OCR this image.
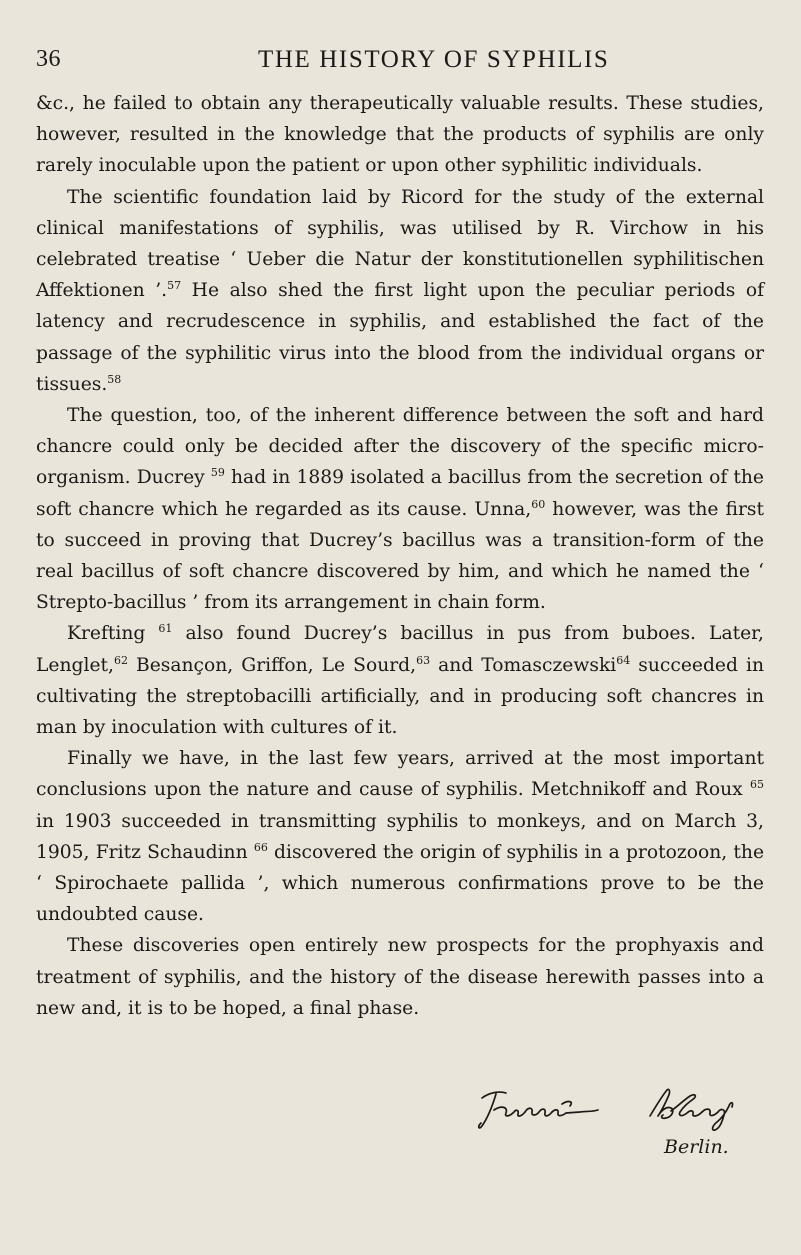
36	THE HISTORY OF SYPHILIS

&c., he failed to obtain any therapeutically valuable results. These studies, however, resulted in the knowledge that the products of syphilis are only rarely inoculable upon the patient or upon other syphilitic individuals.

The scientific foundation laid by Ricord for the study of the external clinical manifestations of syphilis, was utilised by R. Virchow in his celebrated treatise ‘ Ueber die Natur der konstitutionellen syphilitischen Affektionen ’.$^{57}$ He also shed the first light upon the peculiar periods of latency and recrudescence in syphilis, and established the fact of the passage of the syphilitic virus into the blood from the individual organs or tissues.$^{58}$

The question, too, of the inherent difference between the soft and hard chancre could only be decided after the discovery of the specific micro-organism. Ducrey $^{59}$ had in 1889 isolated a bacillus from the secretion of the soft chancre which he regarded as its cause. Unna,$^{60}$ however, was the first to succeed in proving that Ducrey’s bacillus was a transition-form of the real bacillus of soft chancre discovered by him, and which he named the ‘ Strepto-bacillus ’ from its arrangement in chain form.

Krefting $^{61}$ also found Ducrey’s bacillus in pus from buboes. Later, Lenglet,$^{62}$ Besançon, Griffon, Le Sourd,$^{63}$ and Tomasczewski$^{64}$ succeeded in cultivating the streptobacilli artificially, and in producing soft chancres in man by inoculation with cultures of it.

Finally we have, in the last few years, arrived at the most important conclusions upon the nature and cause of syphilis. Metchnikoff and Roux $^{65}$ in 1903 succeeded in transmitting syphilis to monkeys, and on March 3, 1905, Fritz Schaudinn $^{66}$ discovered the origin of syphilis in a protozoon, the ‘ Spirochaete pallida ’, which numerous confirmations prove to be the undoubted cause.

These discoveries open entirely new prospects for the prophyaxis and treatment of syphilis, and the history of the disease herewith passes into a new and, it is to be hoped, a final phase.

Berlin.
